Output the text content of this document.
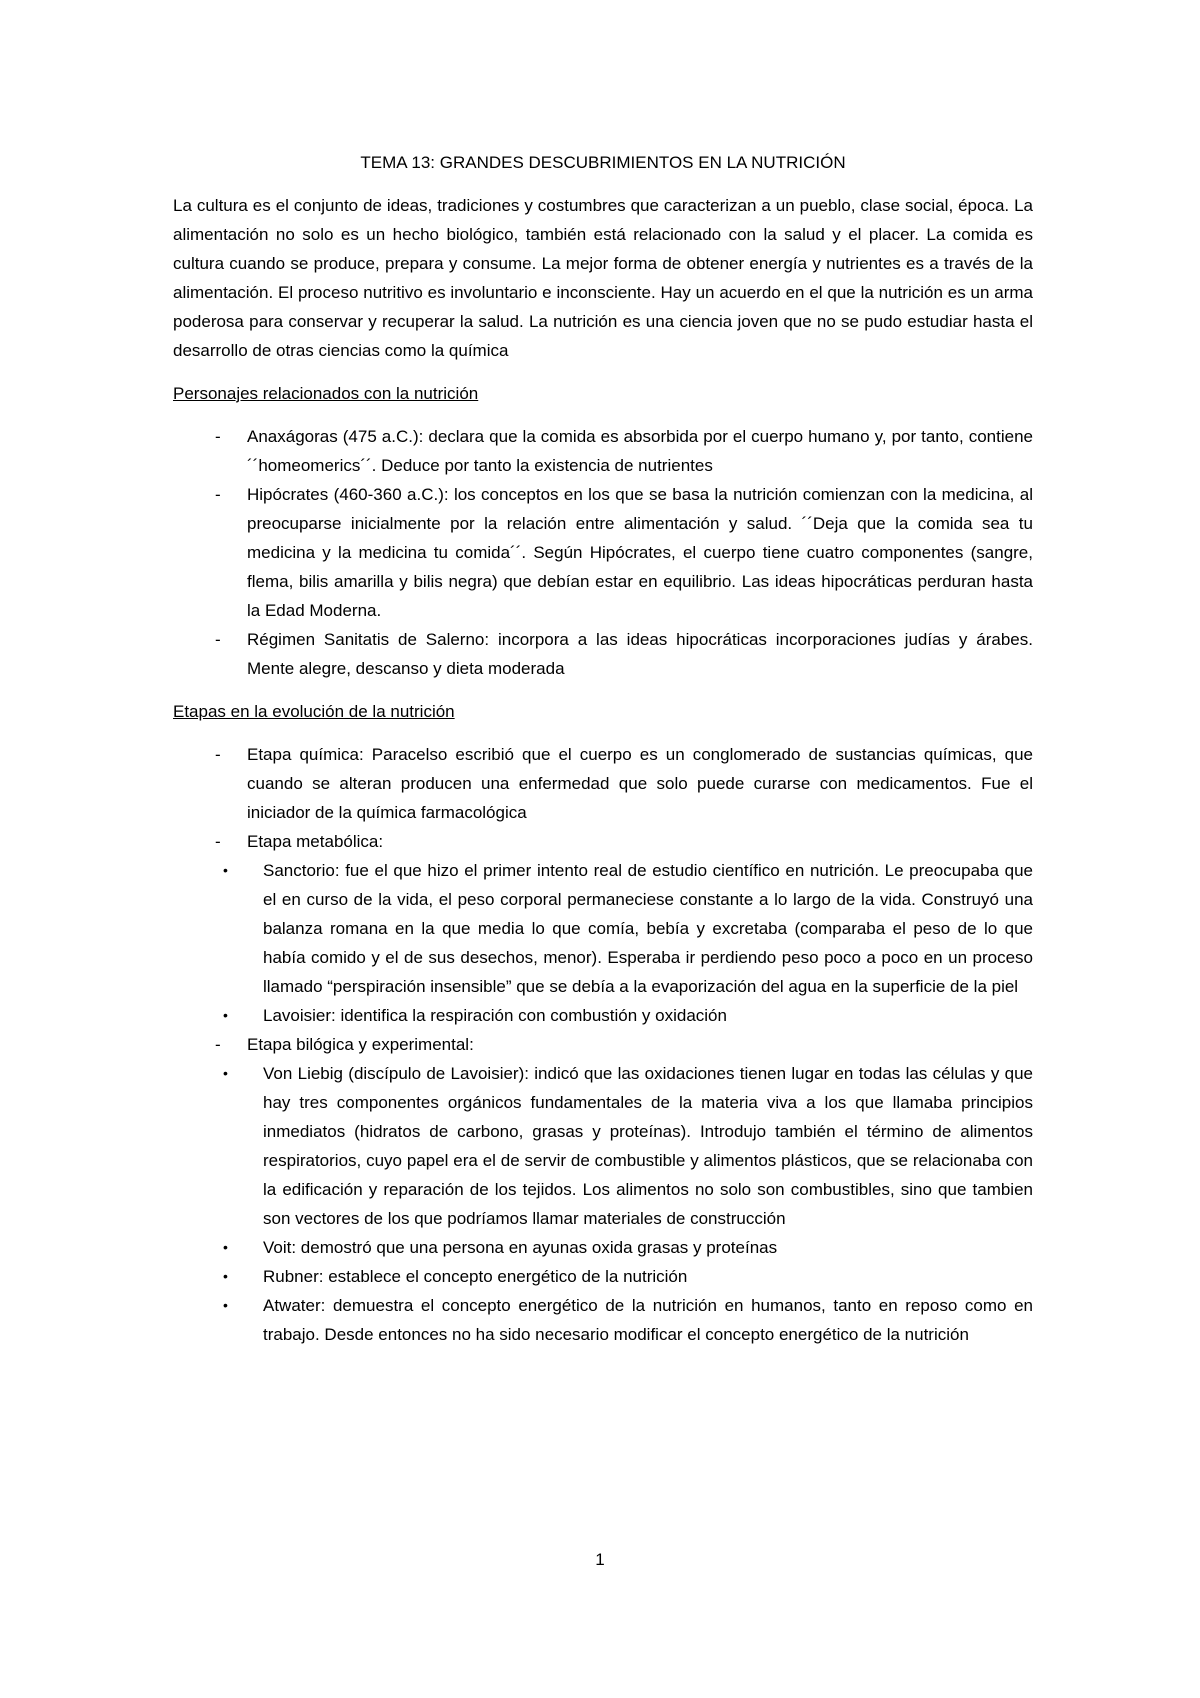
TEMA 13: GRANDES DESCUBRIMIENTOS EN LA NUTRICIÓN

La cultura es el conjunto de ideas, tradiciones y costumbres que caracterizan a un pueblo, clase social, época. La alimentación no solo es un hecho biológico, también está relacionado con la salud y el placer. La comida es cultura cuando se produce, prepara y consume. La mejor forma de obtener energía y nutrientes es a través de la alimentación. El proceso nutritivo es involuntario e inconsciente. Hay un acuerdo en el que la nutrición es un arma poderosa para conservar y recuperar la salud. La nutrición es una ciencia joven que no se pudo estudiar hasta el desarrollo de otras ciencias como la química

Personajes relacionados con la nutrición
- Anaxágoras (475 a.C.): declara que la comida es absorbida por el cuerpo humano y, por tanto, contiene ´´homeomerics´´. Deduce por tanto la existencia de nutrientes
- Hipócrates (460-360 a.C.): los conceptos en los que se basa la nutrición comienzan con la medicina, al preocuparse inicialmente por la relación entre alimentación y salud. ´´Deja que la comida sea tu medicina y la medicina tu comida´´. Según Hipócrates, el cuerpo tiene cuatro componentes (sangre, flema, bilis amarilla y bilis negra) que debían estar en equilibrio. Las ideas hipocráticas perduran hasta la Edad Moderna.
- Régimen Sanitatis de Salerno: incorpora a las ideas hipocráticas incorporaciones judías y árabes. Mente alegre, descanso y dieta moderada
Etapas en la evolución de la nutrición
- Etapa química: Paracelso escribió que el cuerpo es un conglomerado de sustancias químicas, que cuando se alteran producen una enfermedad que solo puede curarse con medicamentos. Fue el iniciador de la química farmacológica
- Etapa metabólica:
• Sanctorio: fue el que hizo el primer intento real de estudio científico en nutrición. Le preocupaba que el en curso de la vida, el peso corporal permaneciese constante a lo largo de la vida. Construyó una balanza romana en la que media lo que comía, bebía y excretaba (comparaba el peso de lo que había comido y el de sus desechos, menor). Esperaba ir perdiendo peso poco a poco en un proceso llamado “perspiración insensible” que se debía a la evaporización del agua en la superficie de la piel
• Lavoisier: identifica la respiración con combustión y oxidación
- Etapa bilógica y experimental:
• Von Liebig (discípulo de Lavoisier): indicó que las oxidaciones tienen lugar en todas las células y que hay tres componentes orgánicos fundamentales de la materia viva a los que llamaba principios inmediatos (hidratos de carbono, grasas y proteínas). Introdujo también el término de alimentos respiratorios, cuyo papel era el de servir de combustible y alimentos plásticos, que se relacionaba con la edificación y reparación de los tejidos. Los alimentos no solo son combustibles, sino que tambien son vectores de los que podríamos llamar materiales de construcción
• Voit: demostró que una persona en ayunas oxida grasas y proteínas
• Rubner: establece el concepto energético de la nutrición
• Atwater: demuestra el concepto energético de la nutrición en humanos, tanto en reposo como en trabajo. Desde entonces no ha sido necesario modificar el concepto energético de la nutrición
1
